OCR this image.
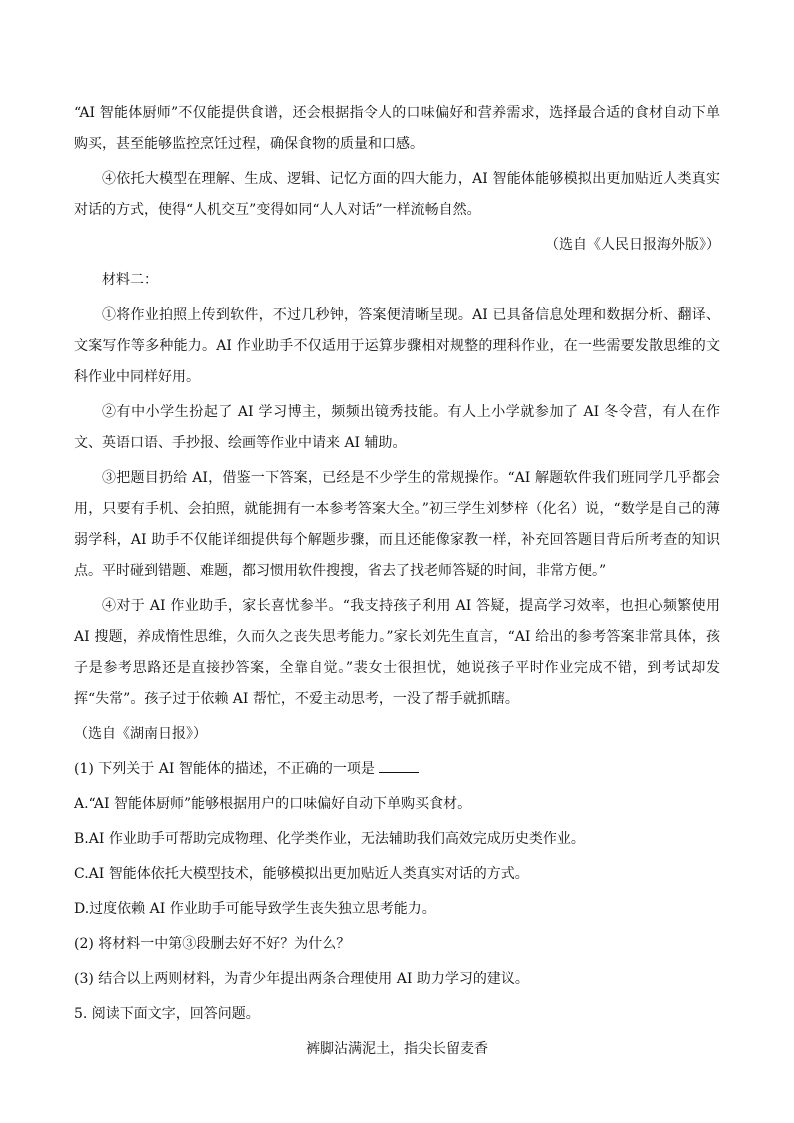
“AI 智能体厨师”不仅能提供食谱，还会根据指令人的口味偏好和营养需求，选择最合适的食材自动下单购买，甚至能够监控烹饪过程，确保食物的质量和口感。

④依托大模型在理解、生成、逻辑、记忆方面的四大能力，AI 智能体能够模拟出更加贴近人类真实对话的方式，使得“人机交互”变得如同“人人对话”一样流畅自然。

（选自《人民日报海外版》）

材料二：

①将作业拍照上传到软件，不过几秒钟，答案便清晰呈现。AI 已具备信息处理和数据分析、翻译、文案写作等多种能力。AI 作业助手不仅适用于运算步骤相对规整的理科作业，在一些需要发散思维的文科作业中同样好用。

②有中小学生扮起了 AI 学习博主，频频出镜秀技能。有人上小学就参加了 AI 冬令营，有人在作文、英语口语、手抄报、绘画等作业中请来 AI 辅助。

③把题目扔给 AI，借鉴一下答案，已经是不少学生的常规操作。“AI 解题软件我们班同学几乎都会用，只要有手机、会拍照，就能拥有一本参考答案大全。”初三学生刘梦梓（化名）说，“数学是自己的薄弱学科，AI 助手不仅能详细提供每个解题步骤，而且还能像家教一样，补充回答题目背后所考查的知识点。平时碰到错题、难题，都习惯用软件搜搜，省去了找老师答疑的时间，非常方便。”

④对于 AI 作业助手，家长喜忧参半。“我支持孩子利用 AI 答疑，提高学习效率，也担心频繁使用 AI 搜题，养成惰性思维，久而久之丧失思考能力。”家长刘先生直言，“AI 给出的参考答案非常具体，孩子是参考思路还是直接抄答案，全靠自觉。”裴女士很担忧，她说孩子平时作业完成不错，到考试却发挥“失常”。孩子过于依赖 AI 帮忙，不爱主动思考，一没了帮手就抓瞎。

（选自《湖南日报》）

(1) 下列关于 AI 智能体的描述，不正确的一项是

A.“AI 智能体厨师”能够根据用户的口味偏好自动下单购买食材。

B.AI 作业助手可帮助完成物理、化学类作业，无法辅助我们高效完成历史类作业。

C.AI 智能体依托大模型技术，能够模拟出更加贴近人类真实对话的方式。

D.过度依赖 AI 作业助手可能导致学生丧失独立思考能力。

(2) 将材料一中第③段删去好不好？为什么？

(3) 结合以上两则材料，为青少年提出两条合理使用 AI 助力学习的建议。

5. 阅读下面文字，回答问题。

裤脚沾满泥土，指尖长留麦香
